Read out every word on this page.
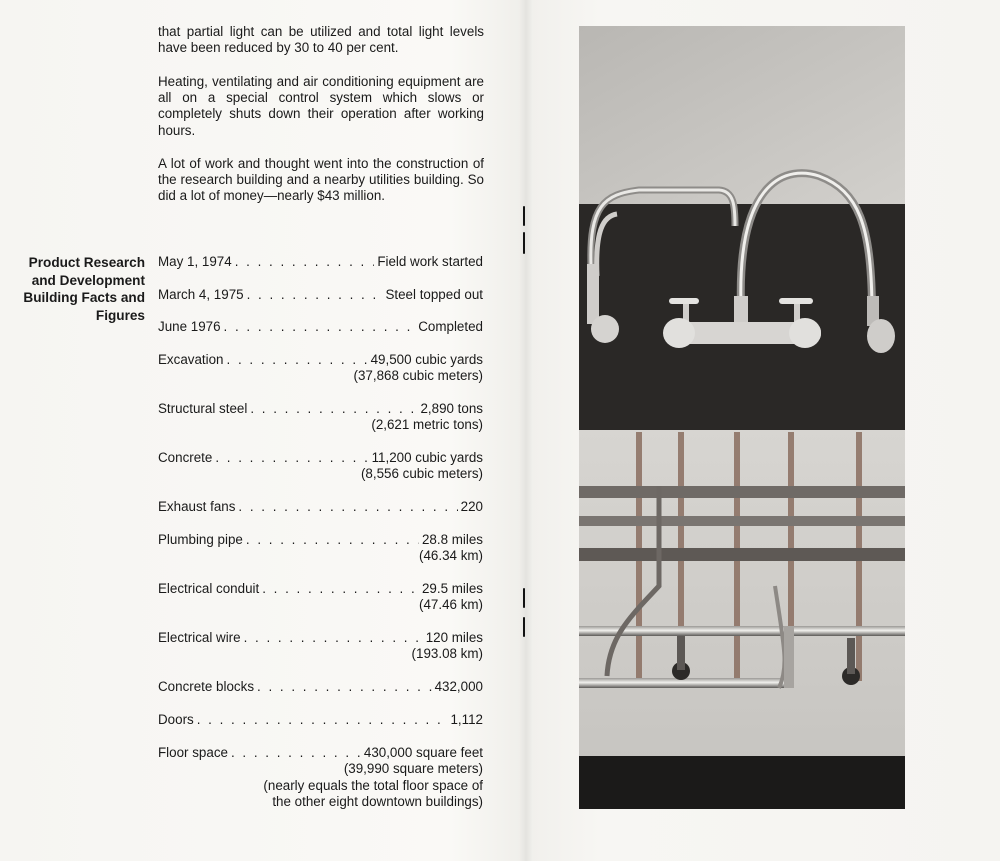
that partial light can be utilized and total light levels have been reduced by 30 to 40 per cent.

Heating, ventilating and air conditioning equipment are all on a special control system which slows or completely shuts down their operation after working hours.

A lot of work and thought went into the construction of the research building and a nearby utilities building. So did a lot of money—nearly $43 million.

Product Research and Development Building Facts and Figures

May 1, 1974 . . .	Field work started
March 4, 1975 . . .	Steel topped out
June 1976 . . .	Completed
Excavation . . .	49,500 cubic yards
(37,868 cubic meters)
Structural steel . . .	2,890 tons
(2,621 metric tons)
Concrete . . .	11,200 cubic yards
(8,556 cubic meters)
Exhaust fans . . .	220
Plumbing pipe . . .	28.8 miles
(46.34 km)
Electrical conduit . . .	29.5 miles
(47.46 km)
Electrical wire . . .	120 miles
(193.08 km)
Concrete blocks . . .	432,000
Doors . . .	1,112
Floor space . . .	430,000 square feet
(39,990 square meters)
(nearly equals the total floor space of
the other eight downtown buildings)
